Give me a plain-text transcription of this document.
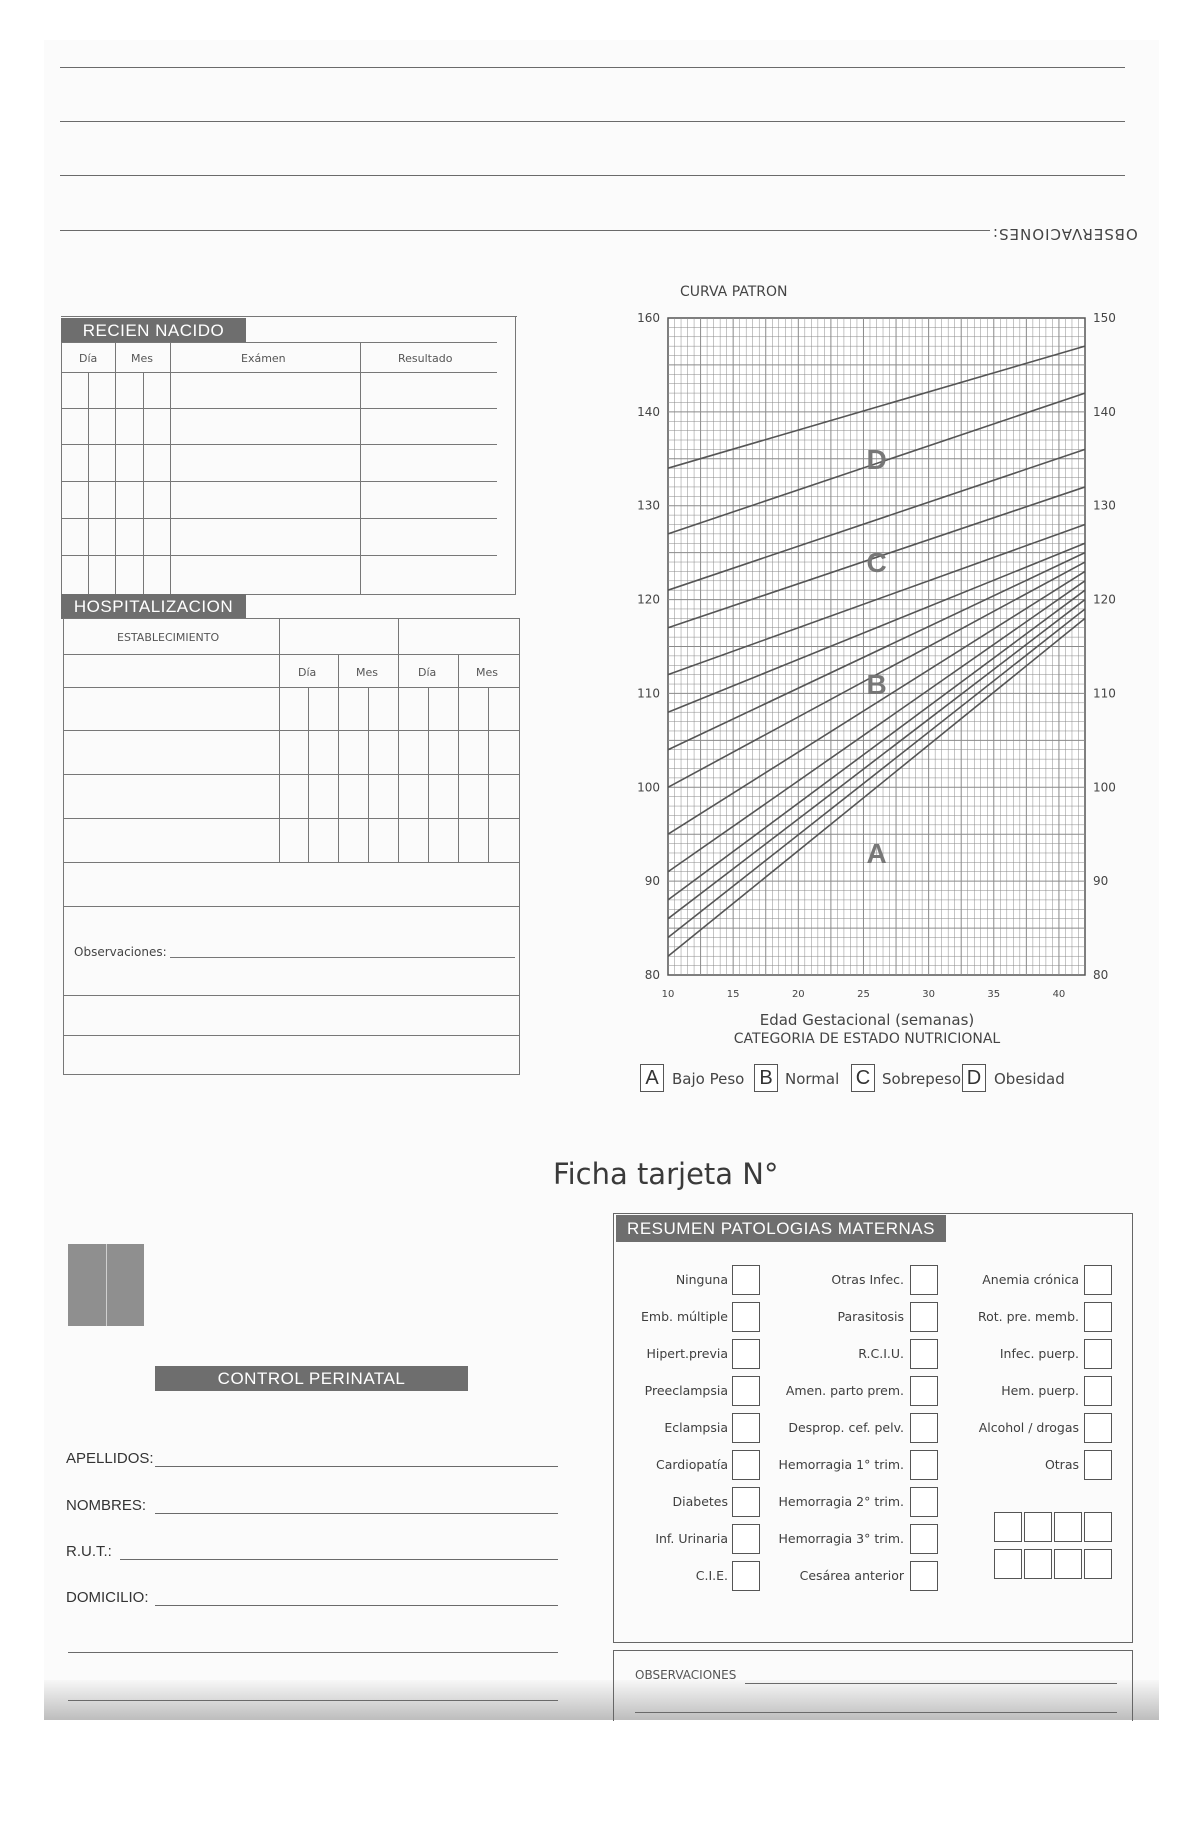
OBSERVACIONES:
RECIEN NACIDO
Día	Mes	Exámen	Resultado
HOSPITALIZACION
ESTABLECIMIENTO
Día	Mes	Día	Mes
Observaciones:
CURVA PATRON
A
B
C
D
80
90
100
110
120
130
140
160
80
90
100
110
120
130
140
150
10	15	20	25	30	35	40
Edad Gestacional (semanas)
CATEGORIA DE ESTADO NUTRICIONAL
A Bajo Peso B Normal C Sobrepeso D Obesidad
Ficha tarjeta N°
CONTROL PERINATAL
APELLIDOS:
NOMBRES:
R.U.T.:
DOMICILIO:
RESUMEN PATOLOGIAS MATERNAS
Ninguna
Emb. múltiple
Hipert.previa
Preeclampsia
Eclampsia
Cardiopatía
Diabetes
Inf. Urinaria
C.I.E.
Otras Infec.
Parasitosis
R.C.I.U.
Amen. parto prem.
Desprop. cef. pelv.
Hemorragia 1° trim.
Hemorragia 2° trim.
Hemorragia 3° trim.
Cesárea anterior
Anemia crónica
Rot. pre. memb.
Infec. puerp.
Hem. puerp.
Alcohol / drogas
Otras
OBSERVACIONES
